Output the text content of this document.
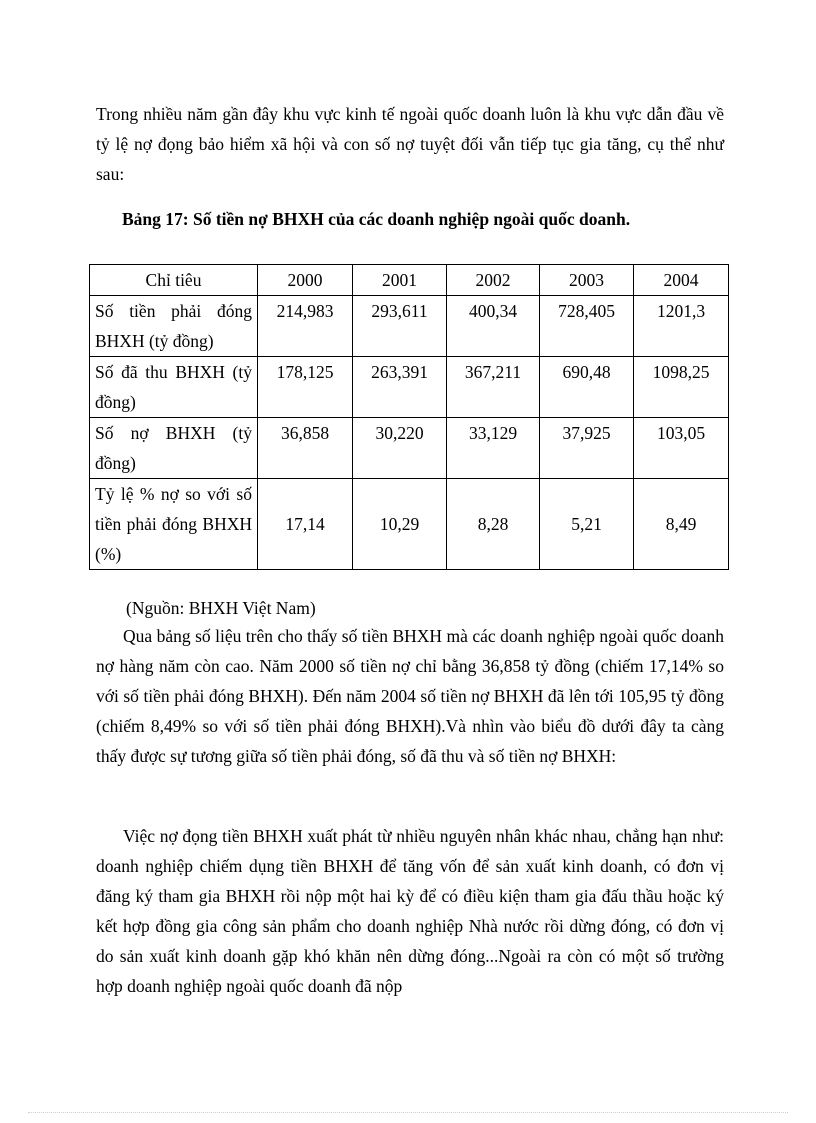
Trong nhiều năm gần đây khu vực kinh tế ngoài quốc doanh luôn là khu vực dẫn đầu về tỷ lệ nợ đọng bảo hiểm xã hội và con số nợ tuyệt đối vẫn tiếp tục gia tăng, cụ thể như sau:

Bảng 17: Số tiền nợ BHXH của các doanh nghiệp ngoài quốc doanh.

Chỉ tiêu	2000	2001	2002	2003	2004
Số tiền phải đóng BHXH (tỷ đồng)	214,983	293,611	400,34	728,405	1201,3
Số đã thu BHXH (tỷ đồng)	178,125	263,391	367,211	690,48	1098,25
Số nợ BHXH (tỷ đồng)	36,858	30,220	33,129	37,925	103,05
Tỷ lệ % nợ so với số tiền phải đóng BHXH (%)	17,14	10,29	8,28	5,21	8,49

(Nguồn: BHXH Việt Nam)

Qua bảng số liệu trên cho thấy số tiền BHXH mà các doanh nghiệp ngoài quốc doanh nợ hàng năm còn cao. Năm 2000 số tiền nợ chỉ bằng 36,858 tỷ đồng (chiếm 17,14% so với số tiền phải đóng BHXH). Đến năm 2004 số tiền nợ BHXH đã lên tới 105,95 tỷ đồng (chiếm 8,49% so với số tiền phải đóng BHXH).Và nhìn vào biểu đồ dưới đây ta càng thấy được sự tương giữa số tiền phải đóng, số đã thu và số tiền nợ BHXH:

Việc nợ đọng tiền BHXH xuất phát từ nhiều nguyên nhân khác nhau, chẳng hạn như: doanh nghiệp chiếm dụng tiền BHXH để tăng vốn để sản xuất kinh doanh, có đơn vị đăng ký tham gia BHXH rồi nộp một hai kỳ để có điều kiện tham gia đấu thầu hoặc ký kết hợp đồng gia công sản phẩm cho doanh nghiệp Nhà nước rồi dừng đóng, có đơn vị do sản xuất kinh doanh gặp khó khăn nên dừng đóng...Ngoài ra còn có một số trường hợp doanh nghiệp ngoài quốc doanh đã nộp
